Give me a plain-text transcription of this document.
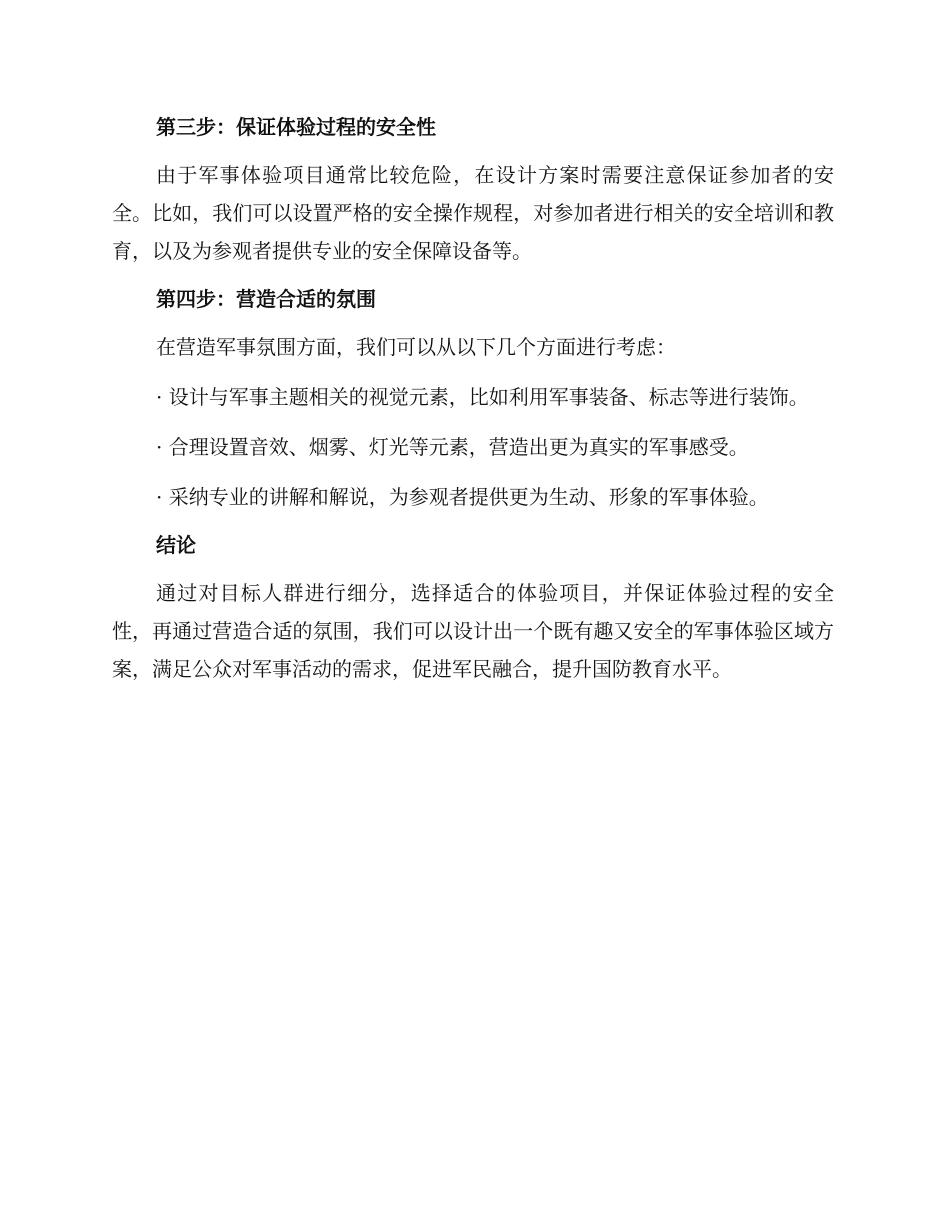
第三步：保证体验过程的安全性
由于军事体验项目通常比较危险，在设计方案时需要注意保证参加者的安全。比如，我们可以设置严格的安全操作规程，对参加者进行相关的安全培训和教育，以及为参观者提供专业的安全保障设备等。
第四步：营造合适的氛围
在营造军事氛围方面，我们可以从以下几个方面进行考虑：
· 设计与军事主题相关的视觉元素，比如利用军事装备、标志等进行装饰。
· 合理设置音效、烟雾、灯光等元素，营造出更为真实的军事感受。
· 采纳专业的讲解和解说，为参观者提供更为生动、形象的军事体验。
结论
通过对目标人群进行细分，选择适合的体验项目，并保证体验过程的安全性，再通过营造合适的氛围，我们可以设计出一个既有趣又安全的军事体验区域方案，满足公众对军事活动的需求，促进军民融合，提升国防教育水平。
